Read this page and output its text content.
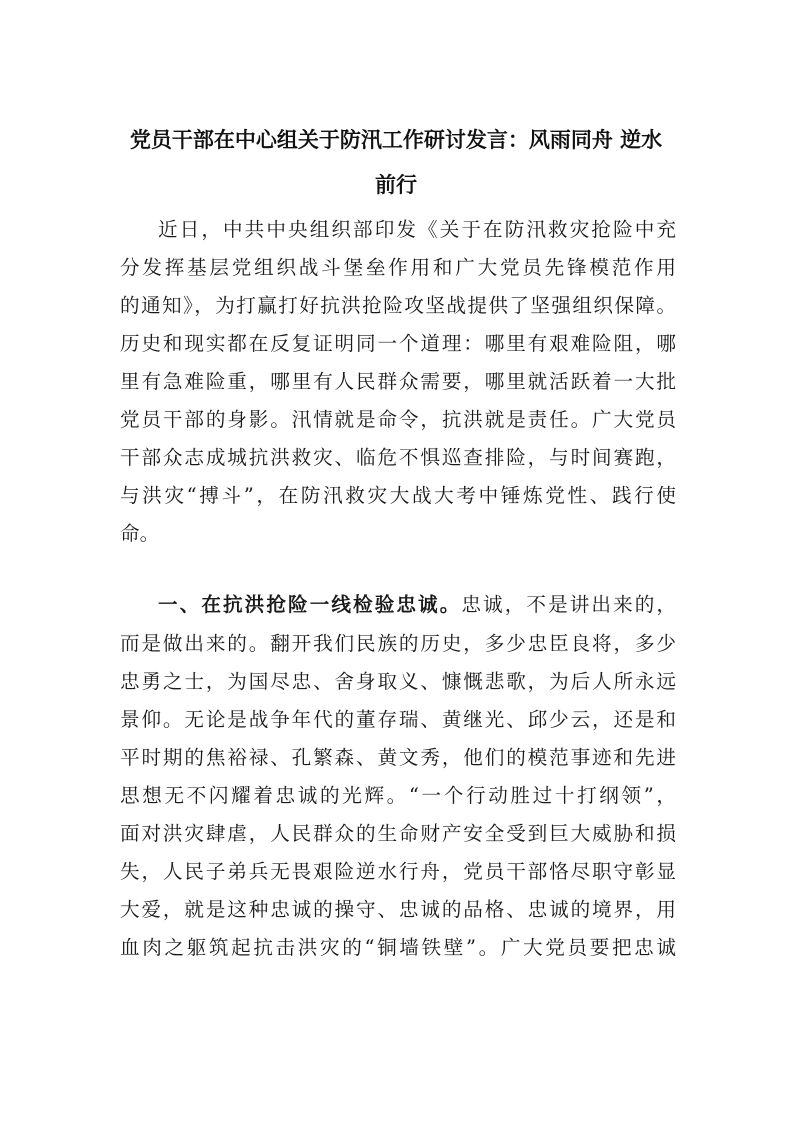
党员干部在中心组关于防汛工作研讨发言：风雨同舟 逆水
前行
近日，中共中央组织部印发《关于在防汛救灾抢险中充
分发挥基层党组织战斗堡垒作用和广大党员先锋模范作用
的通知》，为打赢打好抗洪抢险攻坚战提供了坚强组织保障。
历史和现实都在反复证明同一个道理：哪里有艰难险阻，哪
里有急难险重，哪里有人民群众需要，哪里就活跃着一大批
党员干部的身影。汛情就是命令，抗洪就是责任。广大党员
干部众志成城抗洪救灾、临危不惧巡查排险，与时间赛跑，
与洪灾“搏斗”，在防汛救灾大战大考中锤炼党性、践行使
命。
一、在抗洪抢险一线检验忠诚。忠诚，不是讲出来的，
而是做出来的。翻开我们民族的历史，多少忠臣良将，多少
忠勇之士，为国尽忠、舍身取义、慷慨悲歌，为后人所永远
景仰。无论是战争年代的董存瑞、黄继光、邱少云，还是和
平时期的焦裕禄、孔繁森、黄文秀，他们的模范事迹和先进
思想无不闪耀着忠诚的光辉。“一个行动胜过十打纲领”，
面对洪灾肆虐，人民群众的生命财产安全受到巨大威胁和损
失，人民子弟兵无畏艰险逆水行舟，党员干部恪尽职守彰显
大爱，就是这种忠诚的操守、忠诚的品格、忠诚的境界，用
血肉之躯筑起抗击洪灾的“铜墙铁壁”。广大党员要把忠诚
